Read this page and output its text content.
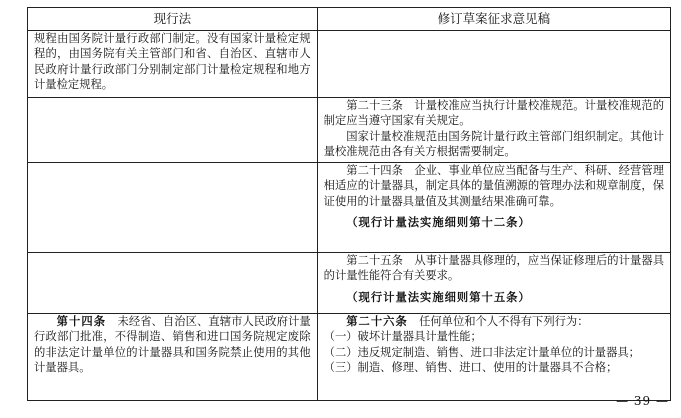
现行法	修订草案征求意见稿

规程由国务院计量行政部门制定。没有国家计量检定规程的，由国务院有关主管部门和省、自治区、直辖市人民政府计量行政部门分别制定部门计量检定规程和地方计量检定规程。	

	第二十三条　计量校准应当执行计量校准规范。计量校准规范的制定应当遵守国家有关规定。

国家计量校准规范由国务院计量行政主管部门组织制定。其他计量校准规范由各有关方根据需要制定。

	第二十四条　企业、事业单位应当配备与生产、科研、经营管理相适应的计量器具，制定具体的量值溯源的管理办法和规章制度，保证使用的计量器具量值及其测量结果准确可靠。

（现行计量法实施细则第十二条）

	第二十五条　从事计量器具修理的，应当保证修理后的计量器具的计量性能符合有关要求。

（现行计量法实施细则第十五条）

第十四条　 未经省、自治区、直辖市人民政府计量行政部门批准，不得制造、销售和进口国务院规定废除的非法定计量单位的计量器具和国务院禁止使用的其他计量器具。	第二十六条　 任何单位和个人不得有下列行为：

（一）破坏计量器具计量性能；

（二）违反规定制造、销售、进口非法定计量单位的计量器具；

（三）制造、修理、销售、进口、使用的计量器具不合格；

— 39 —
